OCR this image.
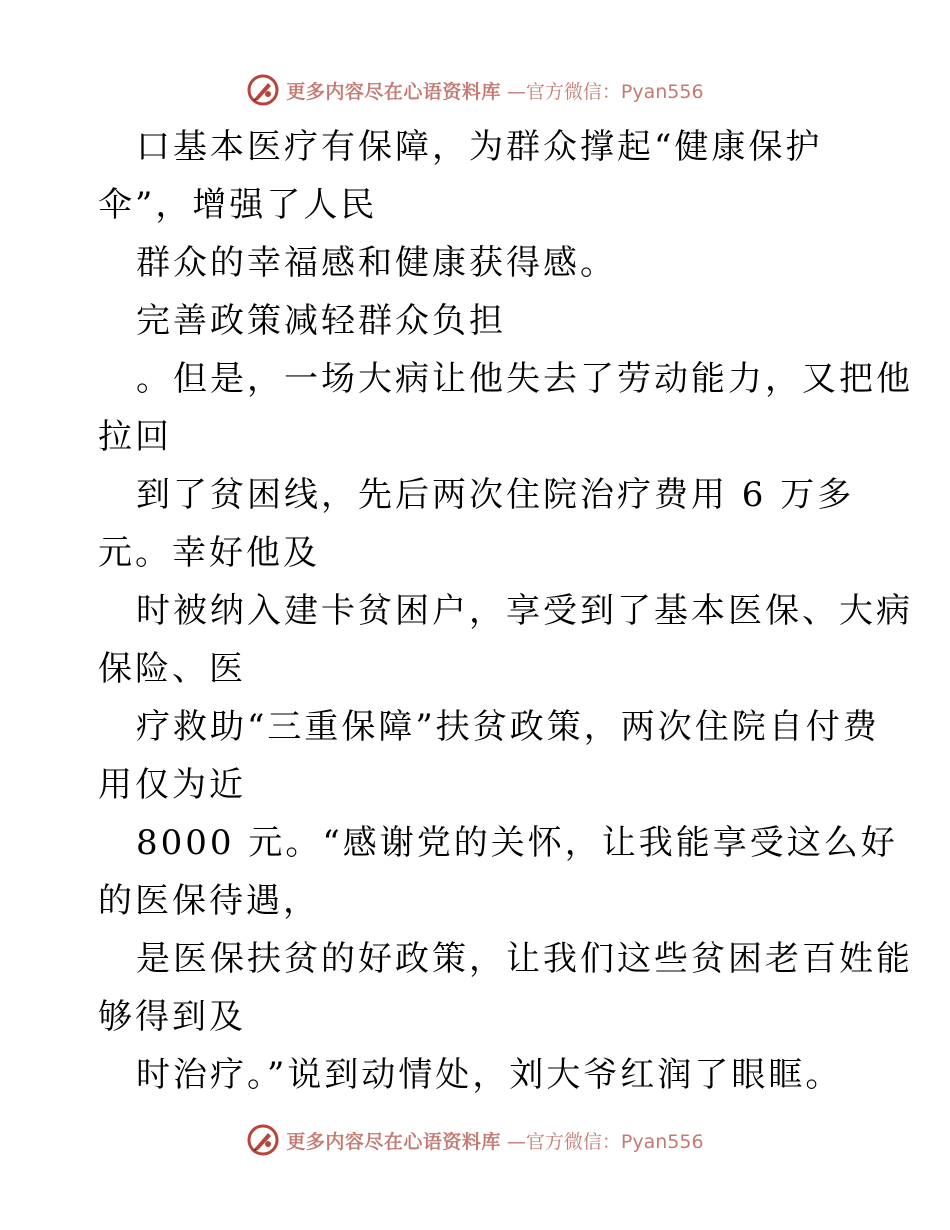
更多内容尽在心语资料库 —官方微信：Pyan556
口基本医疗有保障，为群众撑起“健康保护
伞”，增强了人民
群众的幸福感和健康获得感。
完善政策减轻群众负担
。但是，一场大病让他失去了劳动能力，又把他
拉回
到了贫困线，先后两次住院治疗费用 6 万多
元。幸好他及
时被纳入建卡贫困户，享受到了基本医保、大病
保险、医
疗救助“三重保障”扶贫政策，两次住院自付费
用仅为近
8000 元。“感谢党的关怀，让我能享受这么好
的医保待遇，
是医保扶贫的好政策，让我们这些贫困老百姓能
够得到及
时治疗。”说到动情处，刘大爷红润了眼眶。
更多内容尽在心语资料库 —官方微信：Pyan556
